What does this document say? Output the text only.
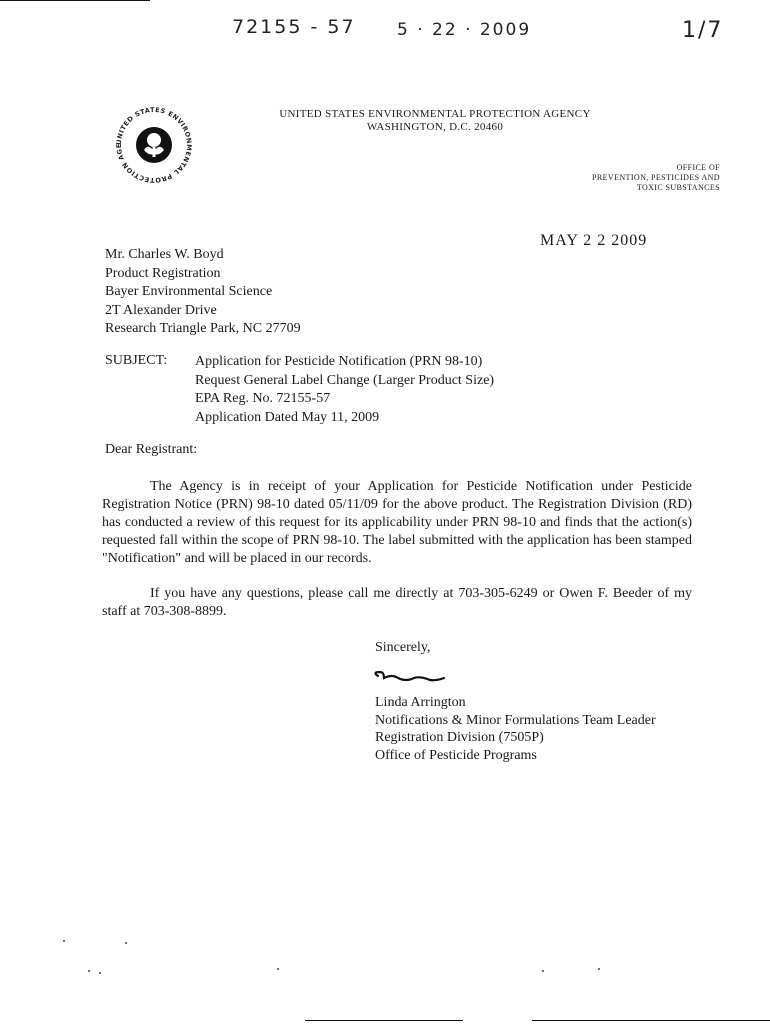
72155 - 57 5 · 22 · 2009	1/7
UNITED STATES ENVIRONMENTAL PROTECTION AGE
UNITED STATES ENVIRONMENTAL PROTECTION AGENCY
WASHINGTON, D.C. 20460
OFFICE OF
PREVENTION, PESTICIDES AND
TOXIC SUBSTANCES
MAY 2 2 2009
Mr. Charles W. Boyd
Product Registration
Bayer Environmental Science
2T Alexander Drive
Research Triangle Park, NC 27709
SUBJECT: Application for Pesticide Notification (PRN 98-10)
Request General Label Change (Larger Product Size)
EPA Reg. No. 72155-57
Application Dated May 11, 2009
Dear Registrant:
The Agency is in receipt of your Application for Pesticide Notification under Pesticide Registration Notice (PRN) 98-10 dated 05/11/09 for the above product. The Registration Division (RD) has conducted a review of this request for its applicability under PRN 98-10 and finds that the action(s) requested fall within the scope of PRN 98-10. The label submitted with the application has been stamped "Notification" and will be placed in our records.
If you have any questions, please call me directly at 703-305-6249 or Owen F. Beeder of my staff at 703-308-8899.
Sincerely,
Linda Arrington
Notifications & Minor Formulations Team Leader
Registration Division (7505P)
Office of Pesticide Programs
